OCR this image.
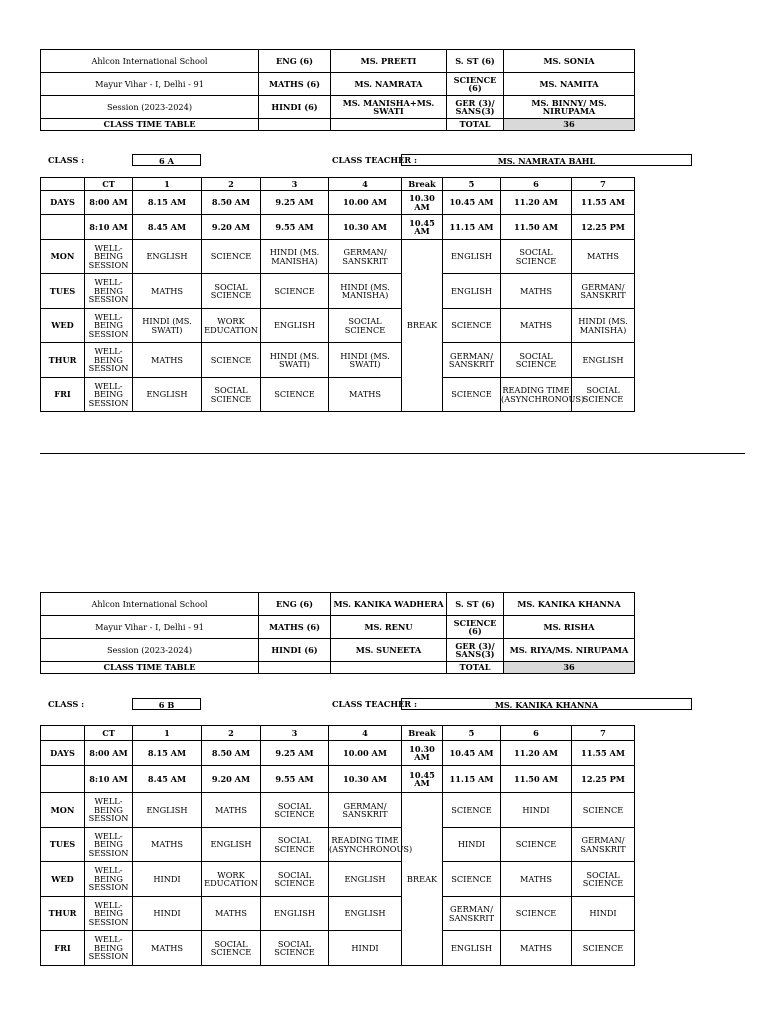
Ahlcon International School	ENG (6)	MS. PREETI	S. ST (6)	MS. SONIA
Mayur Vihar - I, Delhi - 91	MATHS (6)	MS. NAMRATA	SCIENCE (6)	MS. NAMITA
Session (2023-2024)	HINDI (6)	MS. MANISHA+MS. SWATI	GER (3)/ SANS(3)	MS. BINNY/ MS. NIRUPAMA
CLASS TIME TABLE			TOTAL	36
CLASS :	6 A	CLASS TEACHER :	MS. NAMRATA BAHL
	CT	1	2	3	4	Break	5	6	7
DAYS	8:00 AM	8.15 AM	8.50 AM	9.25 AM	10.00 AM	10.30 AM	10.45 AM	11.20 AM	11.55 AM
	8:10 AM	8.45 AM	9.20 AM	9.55 AM	10.30 AM	10.45 AM	11.15 AM	11.50 AM	12.25 PM
MON	WELL-BEING SESSION	ENGLISH	SCIENCE	HINDI (MS. MANISHA)	GERMAN/ SANSKRIT	BREAK	ENGLISH	SOCIAL SCIENCE	MATHS
TUES	WELL-BEING SESSION	MATHS	SOCIAL SCIENCE	SCIENCE	HINDI (MS. MANISHA)		ENGLISH	MATHS	GERMAN/ SANSKRIT
WED	WELL-BEING SESSION	HINDI (MS. SWATI)	WORK EDUCATION	ENGLISH	SOCIAL SCIENCE		SCIENCE	MATHS	HINDI (MS. MANISHA)
THUR	WELL-BEING SESSION	MATHS	SCIENCE	HINDI (MS. SWATI)	HINDI (MS. SWATI)		GERMAN/ SANSKRIT	SOCIAL SCIENCE	ENGLISH
FRI	WELL-BEING SESSION	ENGLISH	SOCIAL SCIENCE	SCIENCE	MATHS		SCIENCE	READING TIME (ASYNCHRONOUS)	SOCIAL SCIENCE
Ahlcon International School	ENG (6)	MS. KANIKA WADHERA	S. ST (6)	MS. KANIKA KHANNA
Mayur Vihar - I, Delhi - 91	MATHS (6)	MS. RENU	SCIENCE (6)	MS. RISHA
Session (2023-2024)	HINDI (6)	MS. SUNEETA	GER (3)/ SANS(3)	MS. RIYA/MS. NIRUPAMA
CLASS TIME TABLE			TOTAL	36
CLASS :	6 B	CLASS TEACHER :	MS. KANIKA KHANNA
	CT	1	2	3	4	Break	5	6	7
DAYS	8:00 AM	8.15 AM	8.50 AM	9.25 AM	10.00 AM	10.30 AM	10.45 AM	11.20 AM	11.55 AM
	8:10 AM	8.45 AM	9.20 AM	9.55 AM	10.30 AM	10.45 AM	11.15 AM	11.50 AM	12.25 PM
MON	WELL-BEING SESSION	ENGLISH	MATHS	SOCIAL SCIENCE	GERMAN/ SANSKRIT	BREAK	SCIENCE	HINDI	SCIENCE
TUES	WELL-BEING SESSION	MATHS	ENGLISH	SOCIAL SCIENCE	READING TIME (ASYNCHRONOUS)		HINDI	SCIENCE	GERMAN/ SANSKRIT
WED	WELL-BEING SESSION	HINDI	WORK EDUCATION	SOCIAL SCIENCE	ENGLISH		SCIENCE	MATHS	SOCIAL SCIENCE
THUR	WELL-BEING SESSION	HINDI	MATHS	ENGLISH	ENGLISH		GERMAN/ SANSKRIT	SCIENCE	HINDI
FRI	WELL-BEING SESSION	MATHS	SOCIAL SCIENCE	SOCIAL SCIENCE	HINDI		ENGLISH	MATHS	SCIENCE
